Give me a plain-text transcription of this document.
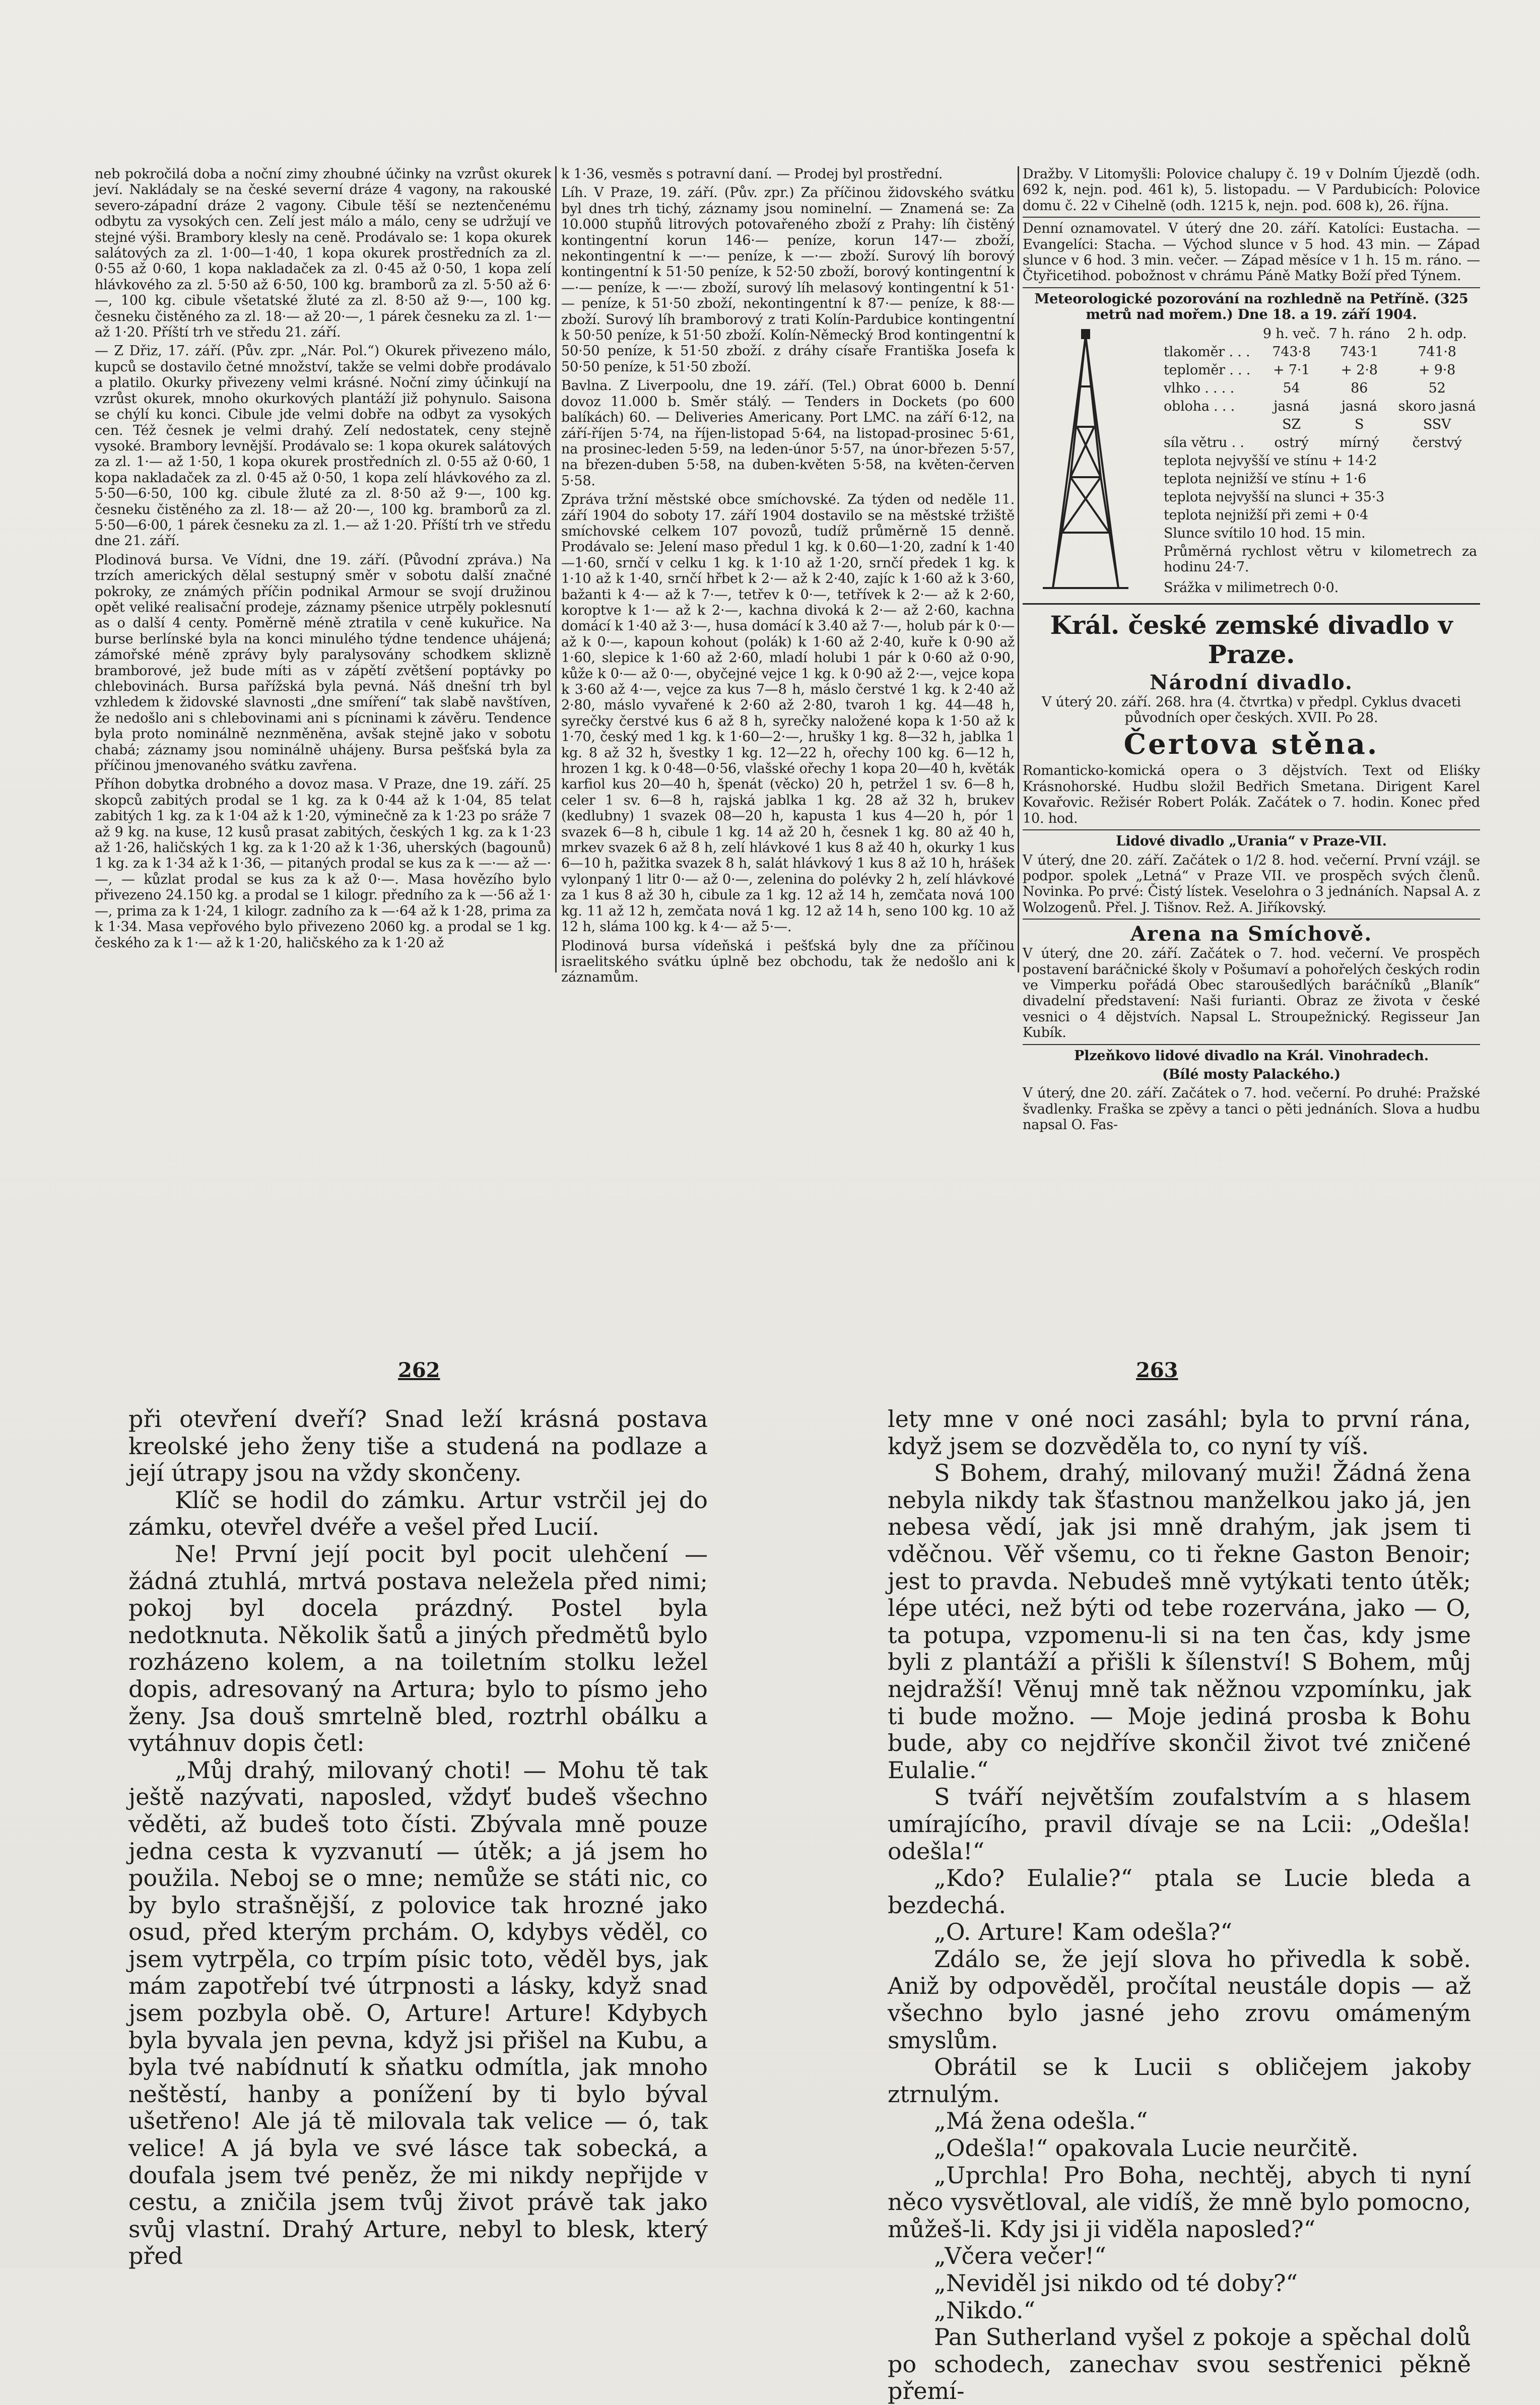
neb pokročilá doba a noční zimy zhoubné účinky na vzrůst okurek jeví. Nakládaly se na české severní dráze 4 vagony, na rakouské severo-západní dráze 2 vagony. Cibule těší se neztenčenému odbytu za vysokých cen. Zelí jest málo a málo, ceny se udržují ve stejné výši. Brambory klesly na ceně. Prodávalo se: 1 kopa okurek salátových za zl. 1·00—1·40, 1 kopa okurek prostředních za zl. 0·55 až 0·60, 1 kopa nakladaček za zl. 0·45 až 0·50, 1 kopa zelí hlávkového za zl. 5·50 až 6·50, 100 kg. bramborů za zl. 5·50 až 6·—, 100 kg. cibule všetatské žluté za zl. 8·50 až 9·—, 100 kg. česneku čistěného za zl. 18·— až 20·—, 1 párek česneku za zl. 1·— až 1·20. Příští trh ve středu 21. září.

— Z Dřiz, 17. září. (Pův. zpr. „Nár. Pol.“) Okurek přivezeno málo, kupců se dostavilo četné množství, takže se velmi dobře prodávalo a platilo. Okurky přivezeny velmi krásné. Noční zimy účinkují na vzrůst okurek, mnoho okurkových plantáží již pohynulo. Saisona se chýlí ku konci. Cibule jde velmi dobře na odbyt za vysokých cen. Též česnek je velmi drahý. Zelí nedostatek, ceny stejně vysoké. Brambory levnější. Prodávalo se: 1 kopa okurek salátových za zl. 1·— až 1·50, 1 kopa okurek prostředních zl. 0·55 až 0·60, 1 kopa nakladaček za zl. 0·45 až 0·50, 1 kopa zelí hlávkového za zl. 5·50—6·50, 100 kg. cibule žluté za zl. 8·50 až 9·—, 100 kg. česneku čistěného za zl. 18·— až 20·—, 100 kg. bramborů za zl. 5·50—6·00, 1 párek česneku za zl. 1.— až 1·20. Příští trh ve středu dne 21. září.

Plodinová bursa. Ve Vídni, dne 19. září. (Původní zpráva.) Na trzích amerických dělal sestupný směr v sobotu další značné pokroky, ze známých příčin podnikal Armour se svojí družinou opět veliké realisační prodeje, záznamy pšenice utrpěly poklesnutí as o další 4 centy. Poměrně méně ztratila v ceně kukuřice. Na burse berlínské byla na konci minulého týdne tendence uhájená; zámořské méně zprávy byly paralysovány schodkem sklizně bramborové, jež bude míti as v zápětí zvětšení poptávky po chlebovinách. Bursa pařížská byla pevná. Náš dnešní trh byl vzhledem k židovské slavnosti „dne smíření“ tak slabě navštíven, že nedošlo ani s chlebovinami ani s pícninami k závěru. Tendence byla proto nominálně neznměněna, avšak stejně jako v sobotu chabá; záznamy jsou nominálně uhájeny. Bursa pešťská byla za příčinou jmenovaného svátku zavřena.

Příhon dobytka drobného a dovoz masa. V Praze, dne 19. září. 25 skopců zabitých prodal se 1 kg. za k 0·44 až k 1·04, 85 telat zabitých 1 kg. za k 1·04 až k 1·20, výminečně za k 1·23 po sráže 7 až 9 kg. na kuse, 12 kusů prasat zabitých, českých 1 kg. za k 1·23 až 1·26, haličských 1 kg. za k 1·20 až k 1·36, uherských (bagounů) 1 kg. za k 1·34 až k 1·36, — pitaných prodal se kus za k —·— až —·—, — kůzlat prodal se kus za k až 0·—. Masa hovězího bylo přivezeno 24.150 kg. a prodal se 1 kilogr. předního za k —·56 až 1·—, prima za k 1·24, 1 kilogr. zadního za k —·64 až k 1·28, prima za k 1·34. Masa vepřového bylo přivezeno 2060 kg. a prodal se 1 kg. českého za k 1·— až k 1·20, haličského za k 1·20 až

k 1·36, vesměs s potravní daní. — Prodej byl prostřední.

Líh. V Praze, 19. září. (Pův. zpr.) Za příčinou židovského svátku byl dnes trh tichý, záznamy jsou nominelní. — Znamená se: Za 10.000 stupňů litrových potovařeného zboží z Prahy: líh čistěný kontingentní korun 146·— peníze, korun 147·— zboží, nekontingentní k —·— peníze, k —·— zboží. Surový líh borový kontingentní k 51·50 peníze, k 52·50 zboží, borový kontingentní k —·— peníze, k —·— zboží, surový líh melasový kontingentní k 51·— peníze, k 51·50 zboží, nekontingentní k 87·— peníze, k 88·— zboží. Surový líh bramborový z trati Kolín-Pardubice kontingentní k 50·50 peníze, k 51·50 zboží. Kolín-Německý Brod kontingentní k 50·50 peníze, k 51·50 zboží. z dráhy císaře Františka Josefa k 50·50 peníze, k 51·50 zboží.

Bavlna. Z Liverpoolu, dne 19. září. (Tel.) Obrat 6000 b. Denní dovoz 11.000 b. Směr stálý. — Tenders in Dockets (po 600 balíkách) 60. — Deliveries Americany. Port LMC. na září 6·12, na září-říjen 5·74, na říjen-listopad 5·64, na listopad-prosinec 5·61, na prosinec-leden 5·59, na leden-únor 5·57, na únor-březen 5·57, na březen-duben 5·58, na duben-květen 5·58, na květen-červen 5·58.

Zpráva tržní městské obce smíchovské. Za týden od neděle 11. září 1904 do soboty 17. září 1904 dostavilo se na městské tržiště smíchovské celkem 107 povozů, tudíž průměrně 15 denně. Prodávalo se: Jelení maso předul 1 kg. k 0.60—1·20, zadní k 1·40—1·60, srnčí v celku 1 kg. k 1·10 až 1·20, srnčí předek 1 kg. k 1·10 až k 1·40, srnčí hřbet k 2·— až k 2·40, zajíc k 1·60 až k 3·60, bažanti k 4·— až k 7·—, tetřev k 0·—, tetřívek k 2·— až k 2·60, koroptve k 1·— až k 2·—, kachna divoká k 2·— až 2·60, kachna domácí k 1·40 až 3·—, husa domácí k 3.40 až 7·—, holub pár k 0·— až k 0·—, kapoun kohout (polák) k 1·60 až 2·40, kuře k 0·90 až 1·60, slepice k 1·60 až 2·60, mladí holubi 1 pár k 0·60 až 0·90, kůže k 0·— až 0·—, obyčejné vejce 1 kg. k 0·90 až 2·—, vejce kopa k 3·60 až 4·—, vejce za kus 7—8 h, máslo čerstvé 1 kg. k 2·40 až 2·80, máslo vyvařené k 2·60 až 2·80, tvaroh 1 kg. 44—48 h, syrečky čerstvé kus 6 až 8 h, syrečky naložené kopa k 1·50 až k 1·70, český med 1 kg. k 1·60—2·—, hrušky 1 kg. 8—32 h, jablka 1 kg. 8 až 32 h, švestky 1 kg. 12—22 h, ořechy 100 kg. 6—12 h, hrozen 1 kg. k 0·48—0·56, vlašské ořechy 1 kopa 20—40 h, květák karfiol kus 20—40 h, špenát (věcko) 20 h, petržel 1 sv. 6—8 h, celer 1 sv. 6—8 h, rajská jablka 1 kg. 28 až 32 h, brukev (kedlubny) 1 svazek 08—20 h, kapusta 1 kus 4—20 h, pór 1 svazek 6—8 h, cibule 1 kg. 14 až 20 h, česnek 1 kg. 80 až 40 h, mrkev svazek 6 až 8 h, zelí hlávkové 1 kus 8 až 40 h, okurky 1 kus 6—10 h, pažitka svazek 8 h, salát hlávkový 1 kus 8 až 10 h, hrášek vylonpaný 1 litr 0·— až 0·—, zelenina do polévky 2 h, zelí hlávkové za 1 kus 8 až 30 h, cibule za 1 kg. 12 až 14 h, zemčata nová 100 kg. 11 až 12 h, zemčata nová 1 kg. 12 až 14 h, seno 100 kg. 10 až 12 h, sláma 100 kg. k 4·— až 5·—.

Plodinová bursa vídeňská i pešťská byly dne za příčinou israelitského svátku úplně bez obchodu, tak že nedošlo ani k záznamům.

Dražby. V Litomyšli: Polovice chalupy č. 19 v Dolním Újezdě (odh. 692 k, nejn. pod. 461 k), 5. listopadu. — V Pardubicích: Polovice domu č. 22 v Cihelně (odh. 1215 k, nejn. pod. 608 k), 26. října.

Denní oznamovatel. V úterý dne 20. září. Katolíci: Eustacha. — Evangelíci: Stacha. — Východ slunce v 5 hod. 43 min. — Západ slunce v 6 hod. 3 min. večer. — Západ měsíce v 1 h. 15 m. ráno. — Čtyřicetihod. pobožnost v chrámu Páně Matky Boží před Týnem.

Meteorologické pozorování na rozhledně na Petříně. (325 metrů nad mořem.) Dne 18. a 19. září 1904.

	9 h. več.	7 h. ráno	2 h. odp.
tlakoměr . . .	743·8	743·1	741·8
teploměr . . .	+ 7·1	+ 2·8	+ 9·8
vlhko . . . .	54	86	52
obloha . . .	jasná	jasná	skoro jasná
	SZ	S	SSV
síla větru . .	ostrý	mírný	čerstvý
teplota nejvyšší ve stínu + 14·2			
teplota nejnižší ve stínu + 1·6			
teplota nejvyšší na slunci + 35·3			
teplota nejnižší při zemi + 0·4			
Slunce svítilo 10 hod. 15 min.			
Průměrná rychlost větru v kilometrech za hodinu 24·7.			
Srážka v milimetrech 0·0.			
Král. české zemské divadlo v Praze.
Národní divadlo.

V úterý 20. září. 268. hra (4. čtvrtka) v předpl. Cyklus dvaceti původních oper českých. XVII. Po 28.

Čertova stěna.

Romanticko-komická opera o 3 dějstvích. Text od Eliśky Krásnohorské. Hudbu složil Bedřich Smetana. Dirigent Karel Kovařovic. Režisér Robert Polák. Začátek o 7. hodin. Konec před 10. hod.

Lidové divadlo „Urania“ v Praze-VII.

V úterý, dne 20. září. Začátek o 1/2 8. hod. večerní. První vzájl. se podpor. spolek „Letná“ v Praze VII. ve prospěch svých členů. Novinka. Po prvé: Čistý lístek. Veselohra o 3 jednáních. Napsal A. z Wolzogenů. Přel. J. Tišnov. Rež. A. Jiříkovský.

Arena na Smíchově.

V úterý, dne 20. září. Začátek o 7. hod. večerní. Ve prospěch postavení baráčnické školy v Pošumaví a pohořelých českých rodin ve Vimperku pořádá Obec staroušedlých baráčníků „Blaník“ divadelní představení: Naši furianti. Obraz ze života v české vesnici o 4 dějstvích. Napsal L. Stroupežnický. Regisseur Jan Kubík.

Plzeňkovo lidové divadlo na Král. Vinohradech.

(Bílé mosty Palackého.)

V úterý, dne 20. září. Začátek o 7. hod. večerní. Po druhé: Pražské švadlenky. Fraška se zpěvy a tanci o pěti jednáních. Slova a hudbu napsal O. Fas-

262	263

při otevření dveří? Snad leží krásná postava kreolské jeho ženy tiše a studená na podlaze a její útrapy jsou na vždy skončeny.

Klíč se hodil do zámku. Artur vstrčil jej do zámku, otevřel dvéře a vešel před Lucií.

Ne! První její pocit byl pocit ulehčení — žádná ztuhlá, mrtvá postava neležela před nimi; pokoj byl docela prázdný. Postel byla nedotknuta. Několik šatů a jiných předmětů bylo rozházeno kolem, a na toiletním stolku ležel dopis, adresovaný na Artura; bylo to písmo jeho ženy. Jsa douš smrtelně bled, roztrhl obálku a vytáhnuv dopis četl:

„Můj drahý, milovaný choti! — Mohu tě tak ještě nazývati, naposled, vždyť budeš všechno věděti, až budeš toto čísti. Zbývala mně pouze jedna cesta k vyzvanutí — útěk; a já jsem ho použila. Neboj se o mne; nemůže se státi nic, co by bylo strašnější, z polovice tak hrozné jako osud, před kterým prchám. O, kdybys věděl, co jsem vytrpěla, co trpím písic toto, věděl bys, jak mám zapotřebí tvé útrpnosti a lásky, když snad jsem pozbyla obě. O, Arture! Arture! Kdybych byla byvala jen pevna, když jsi přišel na Kubu, a byla tvé nabídnutí k sňatku odmítla, jak mnoho neštěstí, hanby a ponížení by ti bylo býval ušetřeno! Ale já tě milovala tak velice — ó, tak velice! A já byla ve své lásce tak sobecká, a doufala jsem tvé peněz, že mi nikdy nepřijde v cestu, a zničila jsem tvůj život právě tak jako svůj vlastní. Drahý Arture, nebyl to blesk, který před

lety mne v oné noci zasáhl; byla to první rána, když jsem se dozvěděla to, co nyní ty víš.

S Bohem, drahý, milovaný muži! Žádná žena nebyla nikdy tak šťastnou manželkou jako já, jen nebesa vědí, jak jsi mně drahým, jak jsem ti vděčnou. Věř všemu, co ti řekne Gaston Benoir; jest to pravda. Nebudeš mně vytýkati tento útěk; lépe utéci, než býti od tebe rozervána, jako — O, ta potupa, vzpomenu-li si na ten čas, kdy jsme byli z plantáží a přišli k šílenství! S Bohem, můj nejdražší! Věnuj mně tak něžnou vzpomínku, jak ti bude možno. — Moje jediná prosba k Bohu bude, aby co nejdříve skončil život tvé zničené Eulalie.“

S tváří největším zoufalstvím a s hlasem umírajícího, pravil dívaje se na Lcii: „Odešla! odešla!“

„Kdo? Eulalie?“ ptala se Lucie bleda a bezdechá.

„O. Arture! Kam odešla?“

Zdálo se, že její slova ho přivedla k sobě. Aniž by odpověděl, pročítal neustále dopis — až všechno bylo jasné jeho zrovu omámeným smyslům.

Obrátil se k Lucii s obličejem jakoby ztrnulým.

„Má žena odešla.“

„Odešla!“ opakovala Lucie neurčitě.

„Uprchla! Pro Boha, nechtěj, abych ti nyní něco vysvětloval, ale vidíš, že mně bylo pomocno, můžeš-li. Kdy jsi ji viděla naposled?“

„Včera večer!“

„Neviděl jsi nikdo od té doby?“

„Nikdo.“

Pan Sutherland vyšel z pokoje a spěchal dolů po schodech, zanechav svou sestřenici pěkně přemí-
